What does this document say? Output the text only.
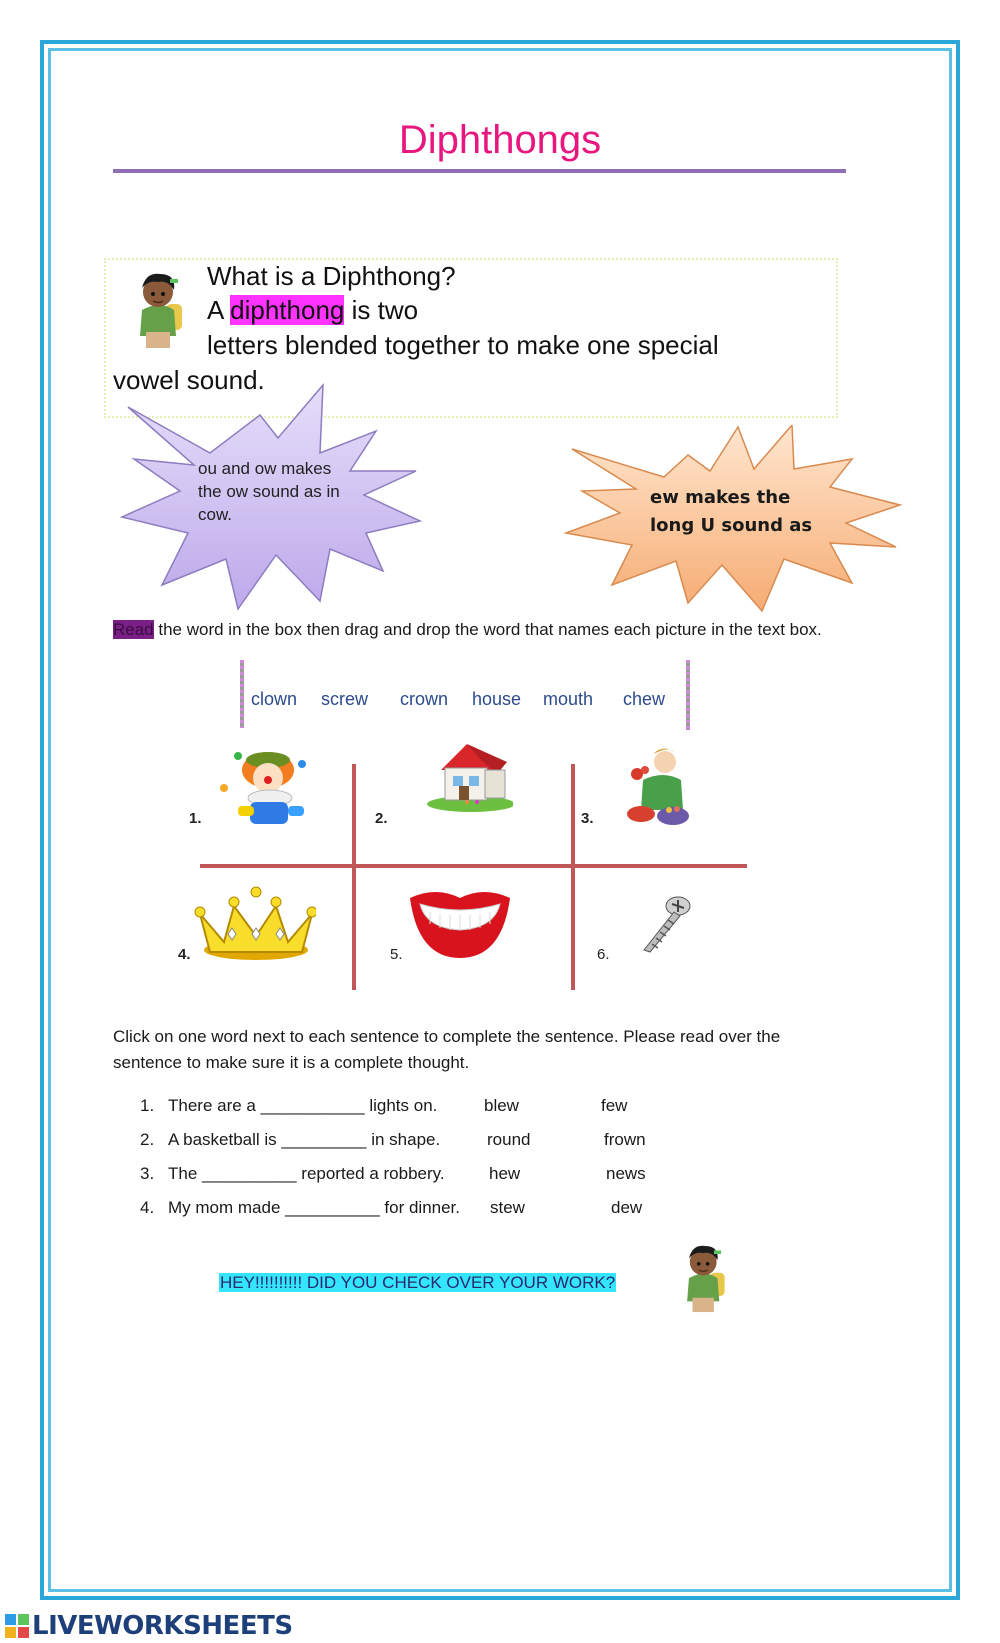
Diphthongs
What is a Diphthong?
A diphthong is two
letters blended together to make one special
vowel sound.
ou and ow makes
the ow sound as in
cow.
ew makes the
long U sound as
Read the word in the box then drag and drop the word that names each picture in the text box.
clown screw crown house mouth chew
1.	2.	3.
4.	5.	6.
Click on one word next to each sentence to complete the sentence. Please read over the
sentence to make sure it is a complete thought.
1. There are a ___________ lights on.	blew	few
2. A basketball is _________ in shape.	round	frown
3. The __________ reported a robbery.	hew	news
4. My mom made __________ for dinner. stew	dew
HEY!!!!!!!!!! DID YOU CHECK OVER YOUR WORK?
LIVEWORKSHEETS
